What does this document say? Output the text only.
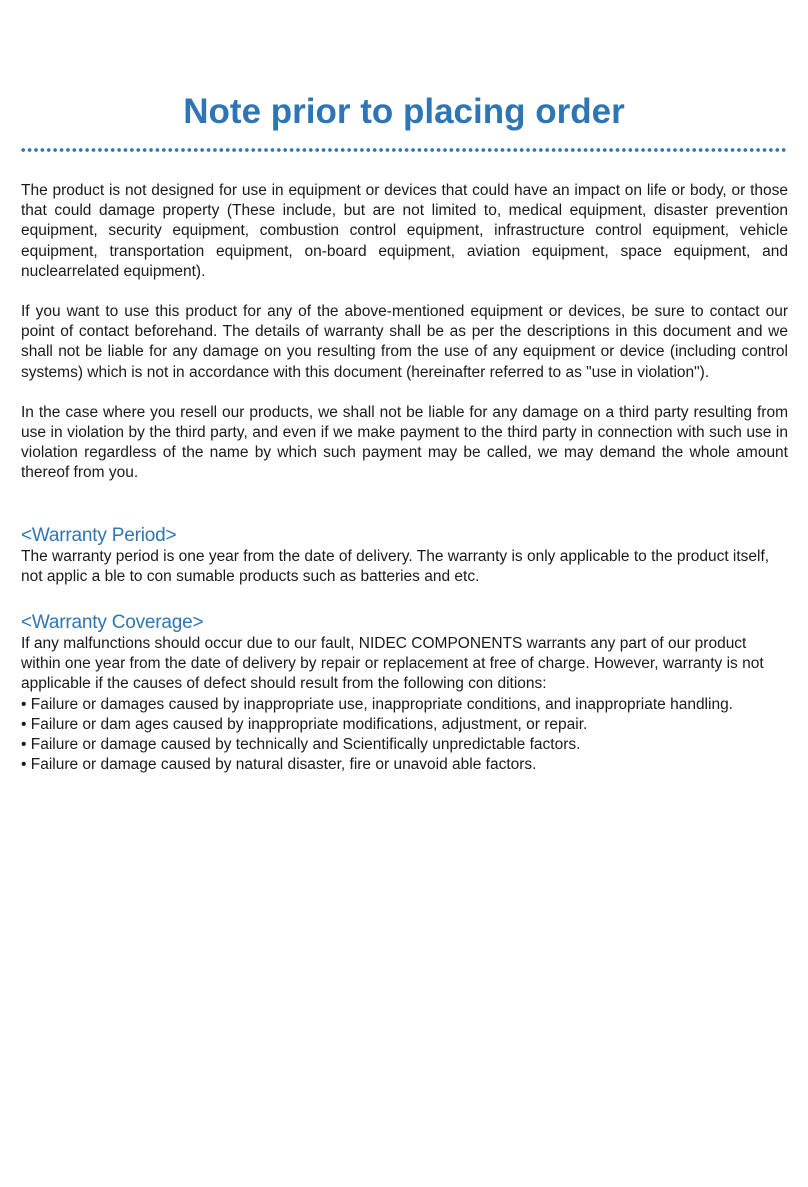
Note prior to placing order

The product is not designed for use in equipment or devices that could have an impact on life or body, or those that could damage property (These include, but are not limited to, medical equipment, disaster prevention equipment, security equipment, combustion control equipment, infrastructure control equipment, vehicle equipment, transportation equipment, on-board equipment, aviation equipment, space equipment, and nuclearrelated equipment).

If you want to use this product for any of the above-mentioned equipment or devices, be sure to contact our point of contact beforehand. The details of warranty shall be as per the descriptions in this document and we shall not be liable for any damage on you resulting from the use of any equipment or device (including control systems) which is not in accordance with this document (hereinafter referred to as "use in violation").

In the case where you resell our products, we shall not be liable for any damage on a third party resulting from use in violation by the third party, and even if we make payment to the third party in connection with such use in violation regardless of the name by which such payment may be called, we may demand the whole amount thereof from you.

<Warranty Period>

The warranty period is one year from the date of delivery. The warranty is only applicable to the product itself,

not applic a ble to con sumable products such as batteries and etc.

<Warranty Coverage>

If any malfunctions should occur due to our fault, NIDEC COMPONENTS warrants any part of our product

within one year from the date of delivery by repair or replacement at free of charge. However, warranty is not

applicable if the causes of defect should result from the following con ditions:

• Failure or damages caused by inappropriate use, inappropriate conditions, and inappropriate handling.

• Failure or dam ages caused by inappropriate modifications, adjustment, or repair.

• Failure or damage caused by technically and Scientifically unpredictable factors.

• Failure or damage caused by natural disaster, fire or unavoid able factors.
